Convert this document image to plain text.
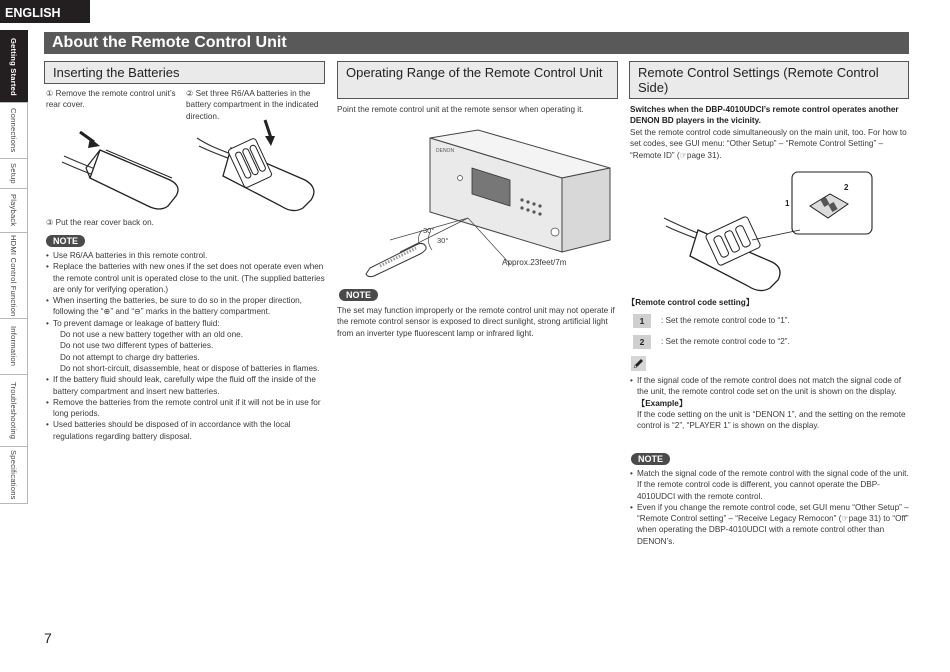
ENGLISH
Getting Started
Connections
Setup
Playback
HDMI Control Function
Information
Troubleshooting
Specifications
About the Remote Control Unit
Inserting the Batteries
① Remove the remote control unit’s rear cover.
② Set three R6/AA batteries in the battery compartment in the indicated direction.
③ Put the rear cover back on.
NOTE
• Use R6/AA batteries in this remote control.
• Replace the batteries with new ones if the set does not operate even when the remote control unit is operated close to the unit. (The supplied batteries are only for verifying operation.)
• When inserting the batteries, be sure to do so in the proper direction, following the “⊕” and “⊖” marks in the battery compartment.
• To prevent damage or leakage of battery fluid:
Do not use a new battery together with an old one.
Do not use two different types of batteries.
Do not attempt to charge dry batteries.
Do not short-circuit, disassemble, heat or dispose of batteries in flames.
• If the battery fluid should leak, carefully wipe the fluid off the inside of the battery compartment and insert new batteries.
• Remove the batteries from the remote control unit if it will not be in use for long periods.
• Used batteries should be disposed of in accordance with the local regulations regarding battery disposal.
Operating Range of the Remote Control Unit
Point the remote control unit at the remote sensor when operating it.
DENON
30°
30°
Approx.23feet/7m
NOTE
The set may function improperly or the remote control unit may not operate if the remote control sensor is exposed to direct sunlight, strong artificial light from an inverter type fluorescent lamp or infrared light.
Remote Control Settings (Remote Control Side)
Switches when the DBP-4010UDCI’s remote control operates another DENON BD players in the vicinity.
Set the remote control code simultaneously on the main unit, too. For how to set codes, see GUI menu: “Other Setup” – “Remote Control Setting” – “Remote ID” (☞page 31).
1
2
【Remote control code setting】
1	: Set the remote control code to “1”.
2	: Set the remote control code to “2”.
• If the signal code of the remote control does not match the signal code of the unit, the remote control code set on the unit is shown on the display.
【Example】
If the code setting on the unit is “DENON 1”, and the setting on the remote control is “2”, “PLAYER 1” is shown on the display.
NOTE
• Match the signal code of the remote control with the signal code of the unit. If the remote control code is different, you cannot operate the DBP-4010UDCI with the remote control.
• Even if you change the remote control code, set GUI menu “Other Setup” – “Remote Control setting” – “Receive Legacy Remocon” (☞page 31) to “Off” when operating the DBP-4010UDCI with a remote control other than DENON’s.
7
